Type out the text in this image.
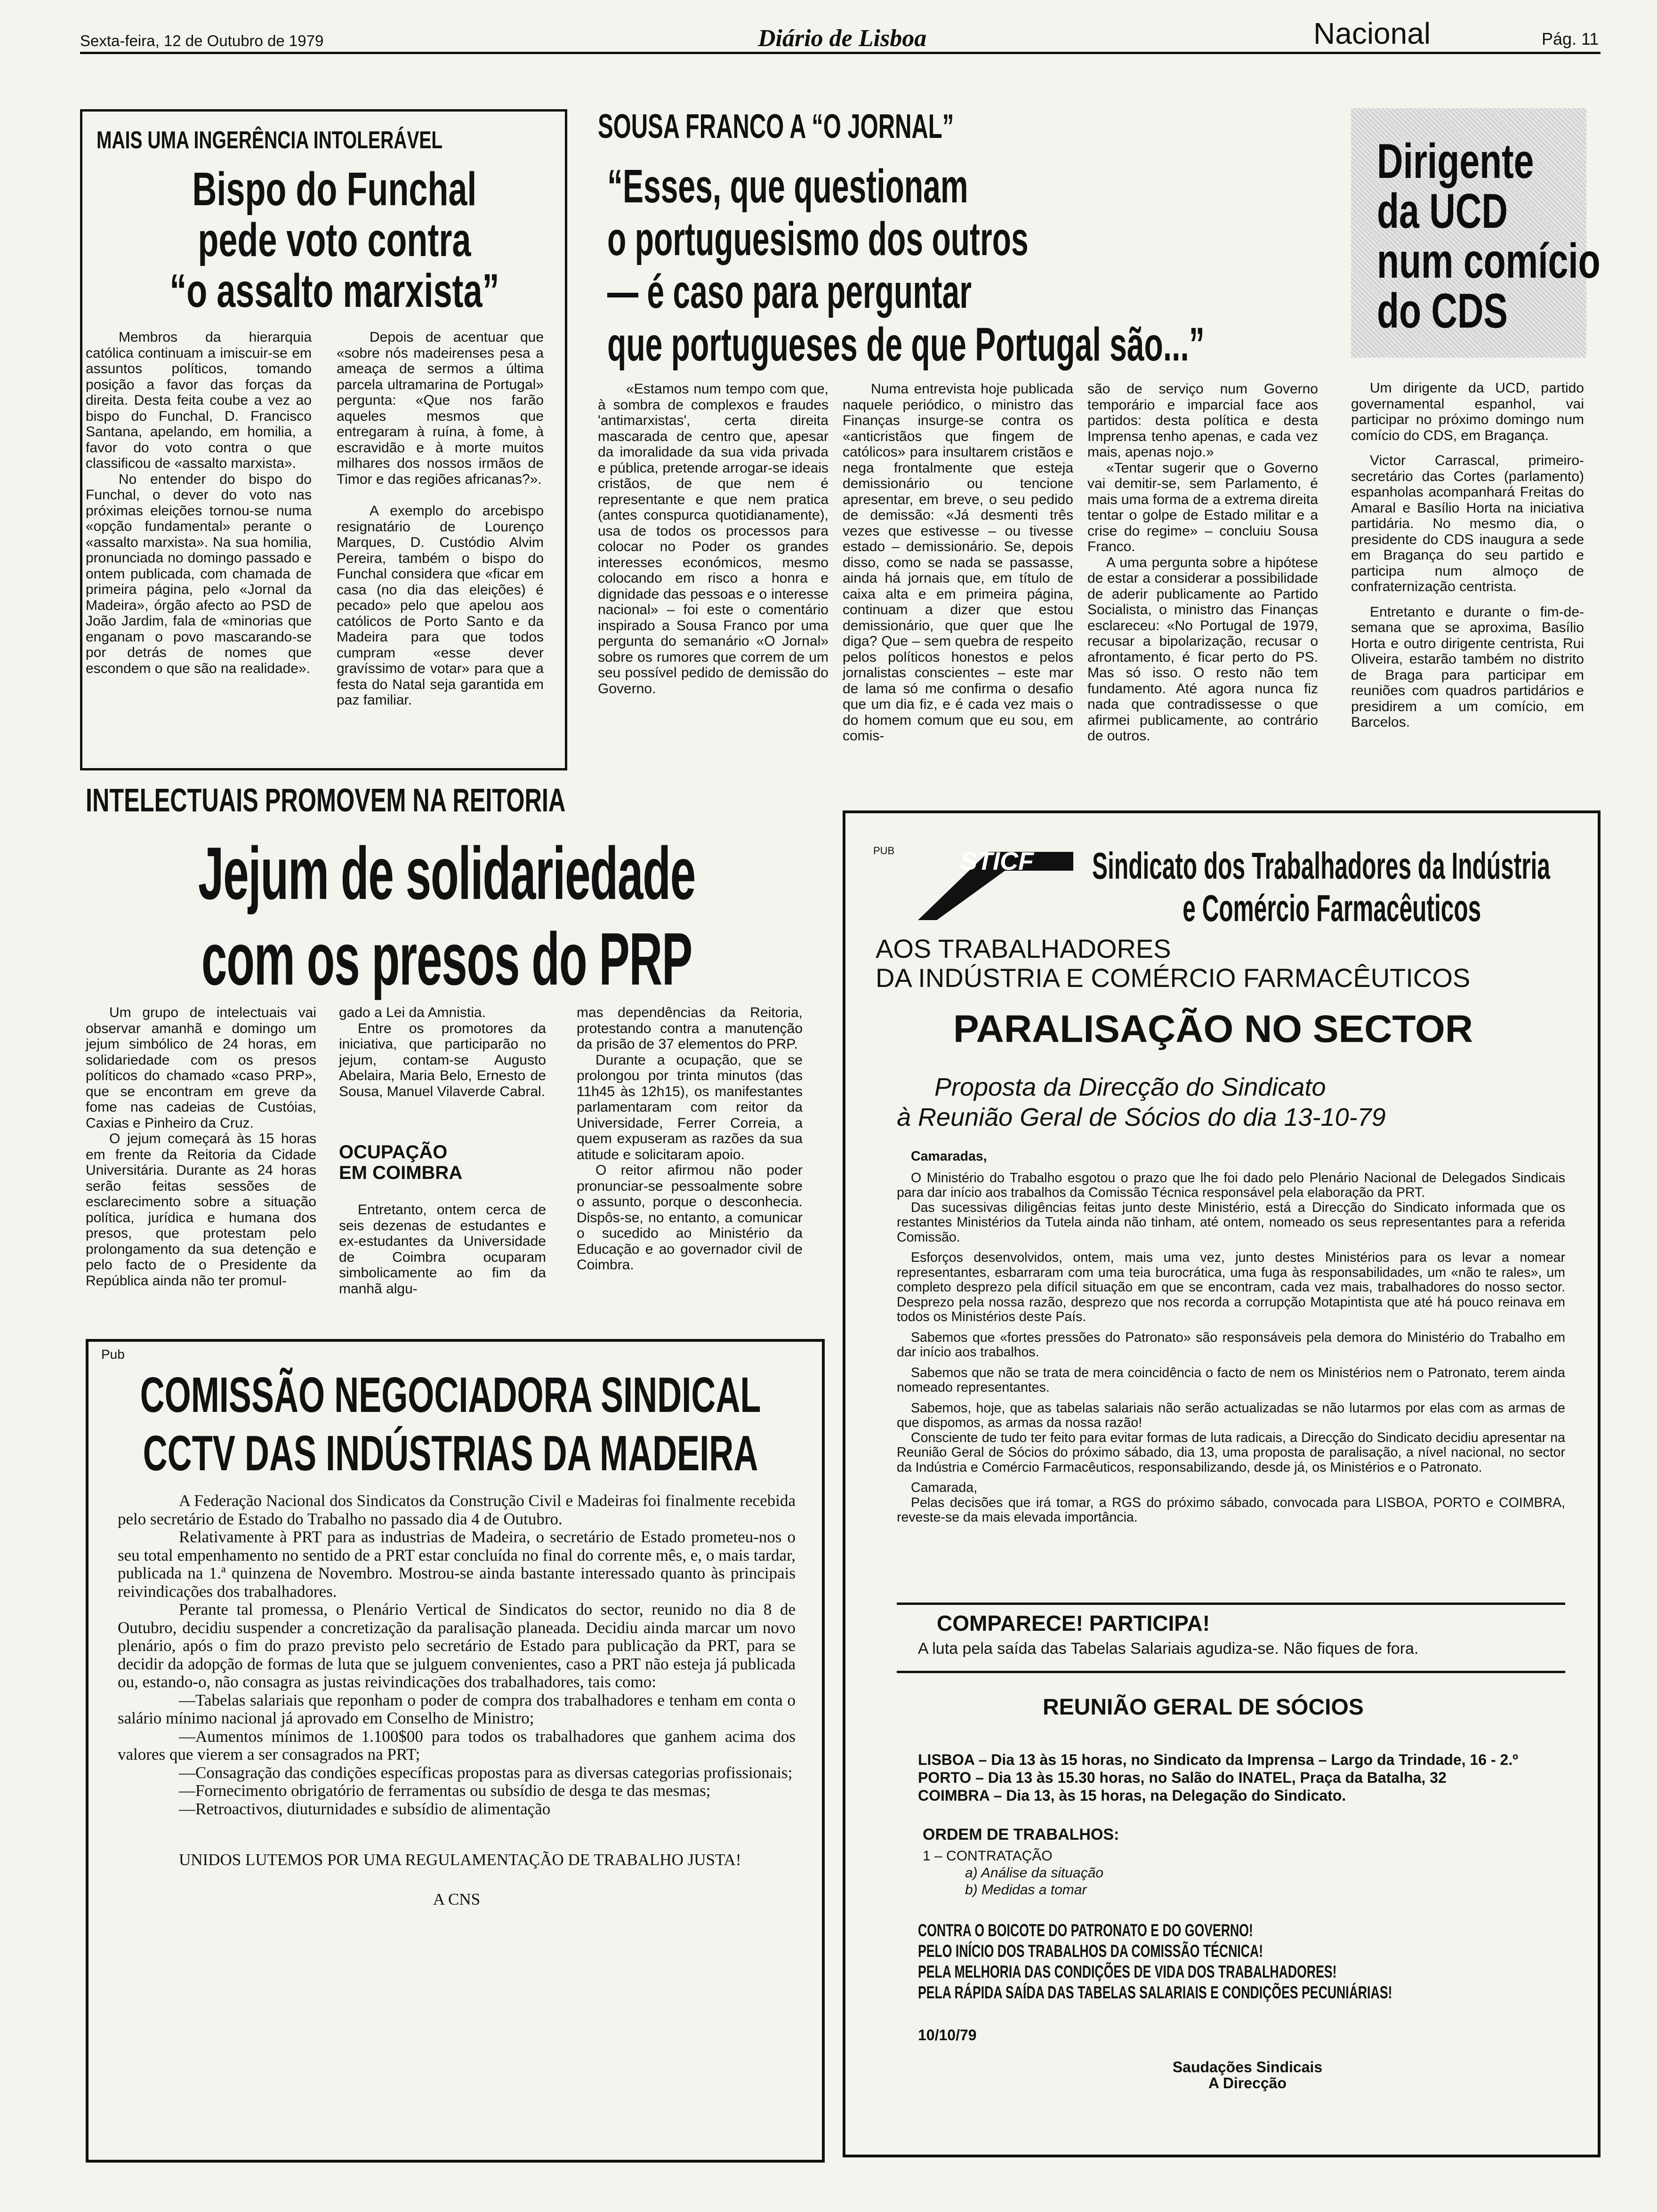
Sexta-feira, 12 de Outubro de 1979	Diário de Lisboa	Nacional	Pág. 11
MAIS UMA INGERÊNCIA INTOLERÁVEL
Bispo do Funchal
pede voto contra
“o assalto marxista”

Membros da hierarquia católica continuam a imiscuir-se em assuntos políticos, tomando posição a favor das forças da direita. Desta feita coube a vez ao bispo do Funchal, D. Francisco Santana, apelando, em homilia, a favor do voto contra o que classificou de «assalto marxista».

No entender do bispo do Funchal, o dever do voto nas próximas eleições tornou-se numa «opção fundamental» perante o «assalto marxista». Na sua homilia, pronunciada no domingo passado e ontem publicada, com chamada de primeira página, pelo «Jornal da Madeira», órgão afecto ao PSD de João Jardim, fala de «minorias que enganam o povo mascarando-se por detrás de nomes que escondem o que são na realidade».

Depois de acentuar que «sobre nós madeirenses pesa a ameaça de sermos a última parcela ultramarina de Portugal» pergunta: «Que nos farão aqueles mesmos que entregaram à ruína, à fome, à escravidão e à morte muitos milhares dos nossos irmãos de Timor e das regiões africanas?».

A exemplo do arcebispo resignatário de Lourenço Marques, D. Custódio Alvim Pereira, também o bispo do Funchal considera que «ficar em casa (no dia das eleições) é pecado» pelo que apelou aos católicos de Porto Santo e da Madeira para que todos cumpram «esse dever gravíssimo de votar» para que a festa do Natal seja garantida em paz familiar.

SOUSA FRANCO A “O JORNAL”
“Esses, que questionam
o portuguesismo dos outros
— é caso para perguntar
que portugueses de que Portugal são...”

«Estamos num tempo com que, à sombra de complexos e fraudes 'antimarxistas', certa direita mascarada de centro que, apesar da imoralidade da sua vida privada e pública, pretende arrogar-se ideais cristãos, de que nem é representante e que nem pratica (antes conspurca quotidianamente), usa de todos os processos para colocar no Poder os grandes interesses económicos, mesmo colocando em risco a honra e dignidade das pessoas e o interesse nacional» – foi este o comentário inspirado a Sousa Franco por uma pergunta do semanário «O Jornal» sobre os rumores que correm de um seu possível pedido de demissão do Governo.

Numa entrevista hoje publicada naquele periódico, o ministro das Finanças insurge-se contra os «anticristãos que fingem de católicos» para insultarem cristãos e nega frontalmente que esteja demissionário ou tencione apresentar, em breve, o seu pedido de demissão: «Já desmenti três vezes que estivesse – ou tivesse estado – demissionário. Se, depois disso, como se nada se passasse, ainda há jornais que, em título de caixa alta e em primeira página, continuam a dizer que estou demissionário, que quer que lhe diga? Que – sem quebra de respeito pelos políticos honestos e pelos jornalistas conscientes – este mar de lama só me confirma o desafio que um dia fiz, e é cada vez mais o do homem comum que eu sou, em comis-

são de serviço num Governo temporário e imparcial face aos partidos: desta política e desta Imprensa tenho apenas, e cada vez mais, apenas nojo.»

«Tentar sugerir que o Governo vai demitir-se, sem Parlamento, é mais uma forma de a extrema direita tentar o golpe de Estado militar e a crise do regime» – concluiu Sousa Franco.

A uma pergunta sobre a hipótese de estar a considerar a possibilidade de aderir publicamente ao Partido Socialista, o ministro das Finanças esclareceu: «No Portugal de 1979, recusar a bipolarização, recusar o afrontamento, é ficar perto do PS. Mas só isso. O resto não tem fundamento. Até agora nunca fiz nada que contradissesse o que afirmei publicamente, ao contrário de outros.

Dirigente
da UCD
num comício
do CDS

Um dirigente da UCD, partido governamental espanhol, vai participar no próximo domingo num comício do CDS, em Bragança.

Victor Carrascal, primeiro-secretário das Cortes (parlamento) espanholas acompanhará Freitas do Amaral e Basílio Horta na iniciativa partidária. No mesmo dia, o presidente do CDS inaugura a sede em Bragança do seu partido e participa num almoço de confraternização centrista.

Entretanto e durante o fim-de-semana que se aproxima, Basílio Horta e outro dirigente centrista, Rui Oliveira, estarão também no distrito de Braga para participar em reuniões com quadros partidários e presidirem a um comício, em Barcelos.

INTELECTUAIS PROMOVEM NA REITORIA
Jejum de solidariedade
com os presos do PRP

Um grupo de intelectuais vai observar amanhã e domingo um jejum simbólico de 24 horas, em solidariedade com os presos políticos do chamado «caso PRP», que se encontram em greve da fome nas cadeias de Custóias, Caxias e Pinheiro da Cruz.

O jejum começará às 15 horas em frente da Reitoria da Cidade Universitária. Durante as 24 horas serão feitas sessões de esclarecimento sobre a situação política, jurídica e humana dos presos, que protestam pelo prolongamento da sua detenção e pelo facto de o Presidente da República ainda não ter promul-

gado a Lei da Amnistia.

Entre os promotores da iniciativa, que participarão no jejum, contam-se Augusto Abelaira, Maria Belo, Ernesto de Sousa, Manuel Vilaverde Cabral.

OCUPAÇÃO
EM COIMBRA

Entretanto, ontem cerca de seis dezenas de estudantes e ex-estudantes da Universidade de Coimbra ocuparam simbolicamente ao fim da manhã algu-

mas dependências da Reitoria, protestando contra a manutenção da prisão de 37 elementos do PRP.

Durante a ocupação, que se prolongou por trinta minutos (das 11h45 às 12h15), os manifestantes parlamentaram com reitor da Universidade, Ferrer Correia, a quem expuseram as razões da sua atitude e solicitaram apoio.

O reitor afirmou não poder pronunciar-se pessoalmente sobre o assunto, porque o desconhecia. Dispôs-se, no entanto, a comunicar o sucedido ao Ministério da Educação e ao governador civil de Coimbra.

Pub
COMISSÃO NEGOCIADORA SINDICAL
CCTV DAS INDÚSTRIAS DA MADEIRA
A Federação Nacional dos Sindicatos da Construção Civil e Madeiras foi finalmente recebida pelo secretário de Estado do Trabalho no passado dia 4 de Outubro.
Relativamente à PRT para as industrias de Madeira, o secretário de Estado prometeu-nos o seu total empenhamento no sentido de a PRT estar concluída no final do corrente mês, e, o mais tardar, publicada na 1.ª quinzena de Novembro. Mostrou-se ainda bastante interessado quanto às principais reivindicações dos trabalhadores.
Perante tal promessa, o Plenário Vertical de Sindicatos do sector, reunido no dia 8 de Outubro, decidiu suspender a concretização da paralisação planeada. Decidiu ainda marcar um novo plenário, após o fim do prazo previsto pelo secretário de Estado para publicação da PRT, para se decidir da adopção de formas de luta que se julguem convenientes, caso a PRT não esteja já publicada ou, estando-o, não consagra as justas reivindicações dos trabalhadores, tais como:
—Tabelas salariais que reponham o poder de compra dos trabalhadores e tenham em conta o salário mínimo nacional já aprovado em Conselho de Ministro;
—Aumentos mínimos de 1.100$00 para todos os trabalhadores que ganhem acima dos valores que vierem a ser consagrados na PRT;
—Consagração das condições específicas propostas para as diversas categorias profissionais;
—Fornecimento obrigatório de ferramentas ou subsídio de desga te das mesmas;
—Retroactivos, diuturnidades e subsídio de alimentação
UNIDOS LUTEMOS POR UMA REGULAMENTAÇÃO DE TRABALHO JUSTA!
A CNS
PUB	STICF Sindicato dos Trabalhadores da Indústria
e Comércio Farmacêuticos
AOS TRABALHADORES
DA INDÚSTRIA E COMÉRCIO FARMACÊUTICOS
PARALISAÇÃO NO SECTOR
Proposta da Direcção do Sindicato
à Reunião Geral de Sócios do dia 13-10-79
Camaradas,
O Ministério do Trabalho esgotou o prazo que lhe foi dado pelo Plenário Nacional de Delegados Sindicais para dar início aos trabalhos da Comissão Técnica responsável pela elaboração da PRT.
Das sucessivas diligências feitas junto deste Ministério, está a Direcção do Sindicato informada que os restantes Ministérios da Tutela ainda não tinham, até ontem, nomeado os seus representantes para a referida Comissão.
Esforços desenvolvidos, ontem, mais uma vez, junto destes Ministérios para os levar a nomear representantes, esbarraram com uma teia burocrática, uma fuga às responsabilidades, um «não te rales», um completo desprezo pela difícil situação em que se encontram, cada vez mais, trabalhadores do nosso sector. Desprezo pela nossa razão, desprezo que nos recorda a corrupção Motapintista que até há pouco reinava em todos os Ministérios deste País.
Sabemos que «fortes pressões do Patronato» são responsáveis pela demora do Ministério do Trabalho em dar início aos trabalhos.
Sabemos que não se trata de mera coincidência o facto de nem os Ministérios nem o Patronato, terem ainda nomeado representantes.
Sabemos, hoje, que as tabelas salariais não serão actualizadas se não lutarmos por elas com as armas de que dispomos, as armas da nossa razão!
Consciente de tudo ter feito para evitar formas de luta radicais, a Direcção do Sindicato decidiu apresentar na Reunião Geral de Sócios do próximo sábado, dia 13, uma proposta de paralisação, a nível nacional, no sector da Indústria e Comércio Farmacêuticos, responsabilizando, desde já, os Ministérios e o Patronato.
Camarada,
Pelas decisões que irá tomar, a RGS do próximo sábado, convocada para LISBOA, PORTO e COIMBRA, reveste-se da mais elevada importância.
COMPARECE! PARTICIPA!
A luta pela saída das Tabelas Salariais agudiza-se. Não fiques de fora.
REUNIÃO GERAL DE SÓCIOS
LISBOA – Dia 13 às 15 horas, no Sindicato da Imprensa – Largo da Trindade, 16 - 2.º
PORTO – Dia 13 às 15.30 horas, no Salão do INATEL, Praça da Batalha, 32
COIMBRA – Dia 13, às 15 horas, na Delegação do Sindicato.
ORDEM DE TRABALHOS:
1 – CONTRATAÇÃO
a) Análise da situação
b) Medidas a tomar
CONTRA O BOICOTE DO PATRONATO E DO GOVERNO!
PELO INÍCIO DOS TRABALHOS DA COMISSÃO TÉCNICA!
PELA MELHORIA DAS CONDIÇÕES DE VIDA DOS TRABALHADORES!
PELA RÁPIDA SAÍDA DAS TABELAS SALARIAIS E CONDIÇÕES PECUNIÁRIAS!
10/10/79
Saudações Sindicais
A Direcção
